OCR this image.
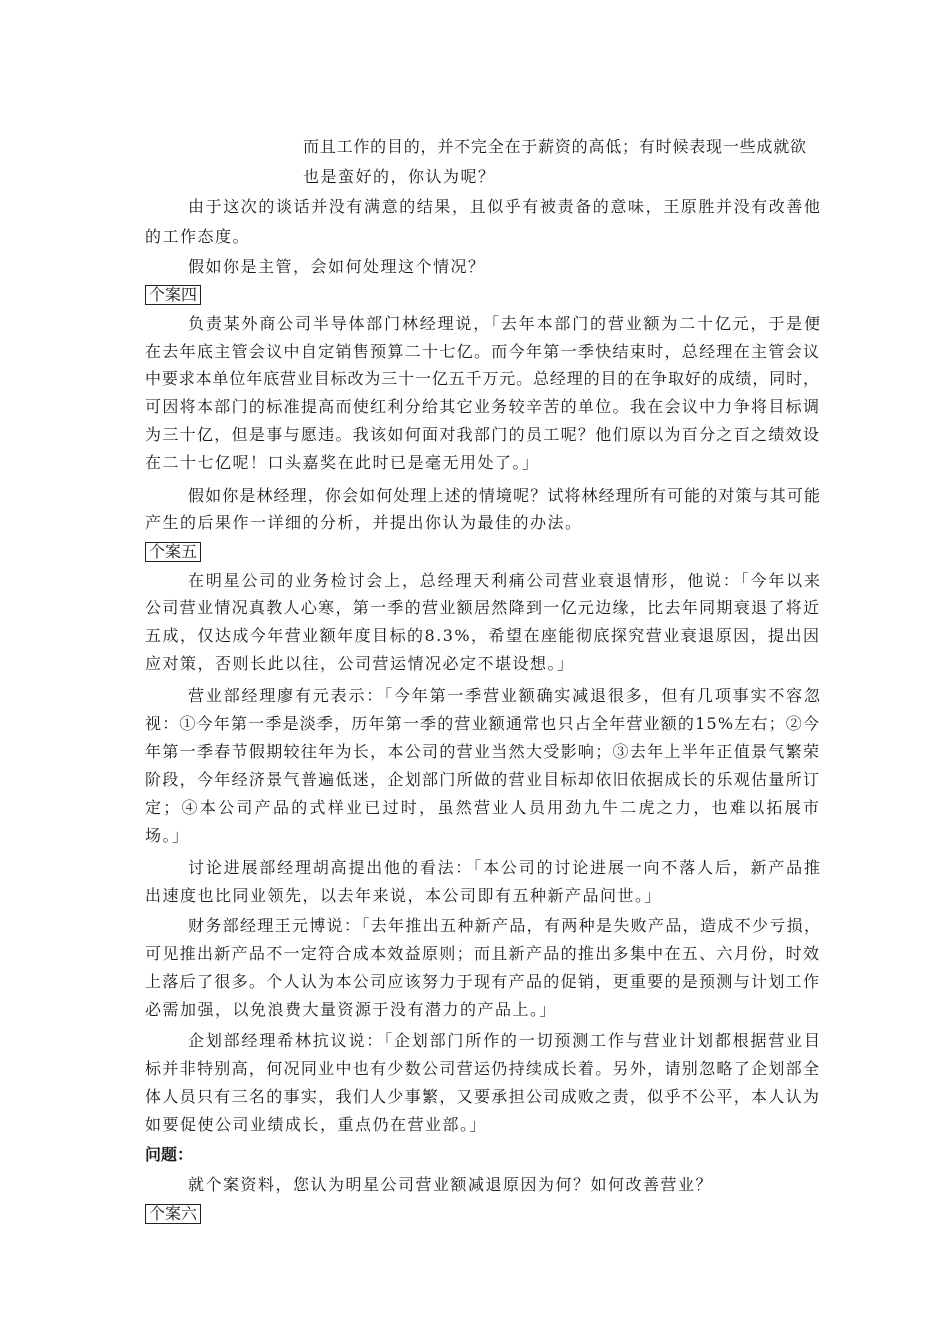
而且工作的目的，并不完全在于薪资的高低；有时候表现一些成就欲
也是蛮好的，你认为呢？
由于这次的谈话并没有满意的结果，且似乎有被责备的意味，王原胜并没有改善他
的工作态度。
假如你是主管，会如何处理这个情况？
个案四
负责某外商公司半导体部门林经理说，「去年本部门的营业额为二十亿元，于是便
在去年底主管会议中自定销售预算二十七亿。而今年第一季快结束时，总经理在主管会议
中要求本单位年底营业目标改为三十一亿五千万元。总经理的目的在争取好的成绩，同时，
可因将本部门的标准提高而使红利分给其它业务较辛苦的单位。我在会议中力争将目标调
为三十亿，但是事与愿违。我该如何面对我部门的员工呢？他们原以为百分之百之绩效设
在二十七亿呢！口头嘉奖在此时已是毫无用处了。」
假如你是林经理，你会如何处理上述的情境呢？试将林经理所有可能的对策与其可能
产生的后果作一详细的分析，并提出你认为最佳的办法。
个案五
在明星公司的业务检讨会上，总经理天利痛公司营业衰退情形，他说：「今年以来
公司营业情况真教人心寒，第一季的营业额居然降到一亿元边缘，比去年同期衰退了将近
五成，仅达成今年营业额年度目标的8.3%，希望在座能彻底探究营业衰退原因，提出因
应对策，否则长此以往，公司营运情况必定不堪设想。」
营业部经理廖有元表示：「今年第一季营业额确实减退很多，但有几项事实不容忽
视：①今年第一季是淡季，历年第一季的营业额通常也只占全年营业额的15%左右；②今
年第一季春节假期较往年为长，本公司的营业当然大受影响；③去年上半年正值景气繁荣
阶段，今年经济景气普遍低迷，企划部门所做的营业目标却依旧依据成长的乐观估量所订
定；④本公司产品的式样业已过时，虽然营业人员用劲九牛二虎之力，也难以拓展市
场。」
讨论进展部经理胡高提出他的看法：「本公司的讨论进展一向不落人后，新产品推
出速度也比同业领先，以去年来说，本公司即有五种新产品问世。」
财务部经理王元博说：「去年推出五种新产品，有两种是失败产品，造成不少亏损，
可见推出新产品不一定符合成本效益原则；而且新产品的推出多集中在五、六月份，时效
上落后了很多。个人认为本公司应该努力于现有产品的促销，更重要的是预测与计划工作
必需加强，以免浪费大量资源于没有潜力的产品上。」
企划部经理希林抗议说：「企划部门所作的一切预测工作与营业计划都根据营业目
标并非特别高，何况同业中也有少数公司营运仍持续成长着。另外，请别忽略了企划部全
体人员只有三名的事实，我们人少事繁，又要承担公司成败之责，似乎不公平，本人认为
如要促使公司业绩成长，重点仍在营业部。」
问题：
就个案资料，您认为明星公司营业额减退原因为何？如何改善营业？
个案六
